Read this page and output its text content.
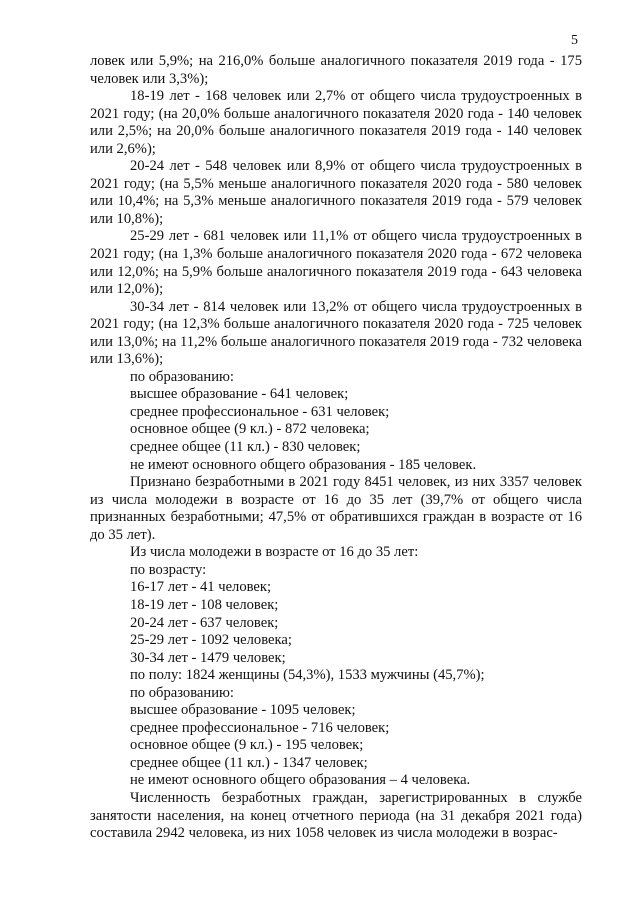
5

ловек или 5,9%; на 216,0% больше аналогичного показателя 2019 года - 175 человек или 3,3%);

18-19 лет - 168 человек или 2,7% от общего числа трудоустроенных в 2021 году; (на 20,0% больше аналогичного показателя 2020 года - 140 человек или 2,5%; на 20,0% больше аналогичного показателя 2019 года - 140 человек или 2,6%);

20-24 лет - 548 человек или 8,9% от общего числа трудоустроенных в 2021 году; (на 5,5% меньше аналогичного показателя 2020 года - 580 человек или 10,4%; на 5,3% меньше аналогичного показателя 2019 года - 579 человек или 10,8%);

25-29 лет - 681 человек или 11,1% от общего числа трудоустроенных в 2021 году; (на 1,3% больше аналогичного показателя 2020 года - 672 человека или 12,0%; на 5,9% больше аналогичного показателя 2019 года - 643 человека или 12,0%);

30-34 лет - 814 человек или 13,2% от общего числа трудоустроенных в 2021 году; (на 12,3% больше аналогичного показателя 2020 года - 725 человек или 13,0%; на 11,2% больше аналогичного показателя 2019 года - 732 человека или 13,6%);

по образованию:

высшее образование - 641 человек;

среднее профессиональное - 631 человек;

основное общее (9 кл.) - 872 человека;

среднее общее (11 кл.) - 830 человек;

не имеют основного общего образования - 185 человек.

Признано безработными в 2021 году 8451 человек, из них 3357 человек из числа молодежи в возрасте от 16 до 35 лет (39,7% от общего числа признанных безработными; 47,5% от обратившихся граждан в возрасте от 16 до 35 лет).

Из числа молодежи в возрасте от 16 до 35 лет:

по возрасту:

16-17 лет - 41 человек;

18-19 лет - 108 человек;

20-24 лет - 637 человек;

25-29 лет - 1092 человека;

30-34 лет - 1479 человек;

по полу: 1824 женщины (54,3%), 1533 мужчины (45,7%);

по образованию:

высшее образование - 1095 человек;

среднее профессиональное - 716 человек;

основное общее (9 кл.) - 195 человек;

среднее общее (11 кл.) - 1347 человек;

не имеют основного общего образования – 4 человека.

Численность безработных граждан, зарегистрированных в службе занятости населения, на конец отчетного периода (на 31 декабря 2021 года) составила 2942 человека, из них 1058 человек из числа молодежи в возрас-
